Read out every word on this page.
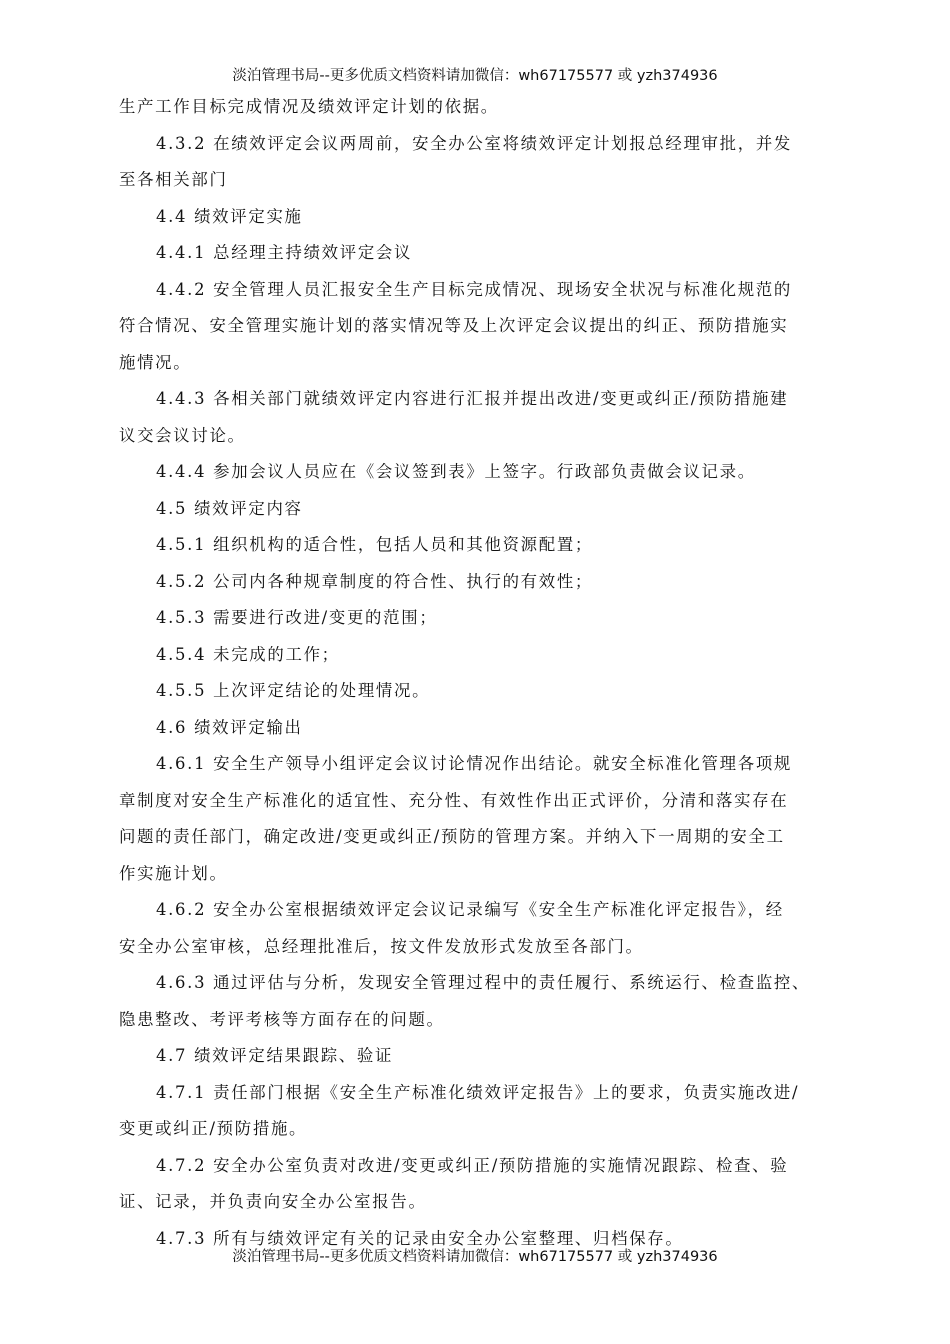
淡泊管理书局--更多优质文档资料请加微信：wh67175577 或 yzh374936
生产工作目标完成情况及绩效评定计划的依据。
4.3.2 在绩效评定会议两周前，安全办公室将绩效评定计划报总经理审批，并发
至各相关部门
4.4 绩效评定实施
4.4.1 总经理主持绩效评定会议
4.4.2 安全管理人员汇报安全生产目标完成情况、现场安全状况与标准化规范的
符合情况、安全管理实施计划的落实情况等及上次评定会议提出的纠正、预防措施实
施情况。
4.4.3 各相关部门就绩效评定内容进行汇报并提出改进/变更或纠正/预防措施建
议交会议讨论。
4.4.4 参加会议人员应在《会议签到表》上签字。行政部负责做会议记录。
4.5 绩效评定内容
4.5.1 组织机构的适合性，包括人员和其他资源配置；
4.5.2 公司内各种规章制度的符合性、执行的有效性；
4.5.3 需要进行改进/变更的范围；
4.5.4 未完成的工作；
4.5.5 上次评定结论的处理情况。
4.6 绩效评定输出
4.6.1 安全生产领导小组评定会议讨论情况作出结论。就安全标准化管理各项规
章制度对安全生产标准化的适宜性、充分性、有效性作出正式评价，分清和落实存在
问题的责任部门，确定改进/变更或纠正/预防的管理方案。并纳入下一周期的安全工
作实施计划。
4.6.2 安全办公室根据绩效评定会议记录编写《安全生产标准化评定报告》，经
安全办公室审核，总经理批准后，按文件发放形式发放至各部门。
4.6.3 通过评估与分析，发现安全管理过程中的责任履行、系统运行、检查监控、
隐患整改、考评考核等方面存在的问题。
4.7 绩效评定结果跟踪、验证
4.7.1 责任部门根据《安全生产标准化绩效评定报告》上的要求，负责实施改进/
变更或纠正/预防措施。
4.7.2 安全办公室负责对改进/变更或纠正/预防措施的实施情况跟踪、检查、验
证、记录，并负责向安全办公室报告。
4.7.3 所有与绩效评定有关的记录由安全办公室整理、归档保存。
淡泊管理书局--更多优质文档资料请加微信：wh67175577 或 yzh374936
